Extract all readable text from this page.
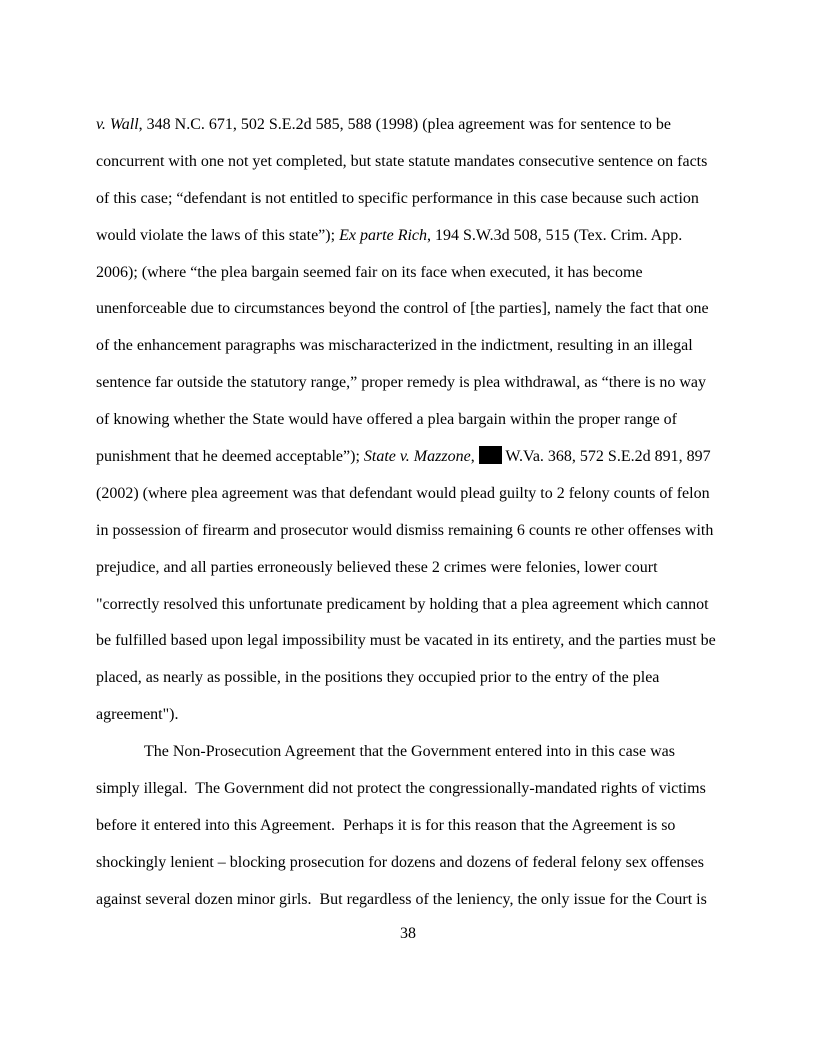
v. Wall, 348 N.C. 671, 502 S.E.2d 585, 588 (1998) (plea agreement was for sentence to be
concurrent with one not yet completed, but state statute mandates consecutive sentence on facts
of this case; “defendant is not entitled to specific performance in this case because such action
would violate the laws of this state”); Ex parte Rich, 194 S.W.3d 508, 515 (Tex. Crim. App.
2006); (where “the plea bargain seemed fair on its face when executed, it has become
unenforceable due to circumstances beyond the control of [the parties], namely the fact that one
of the enhancement paragraphs was mischaracterized in the indictment, resulting in an illegal
sentence far outside the statutory range,” proper remedy is plea withdrawal, as “there is no way
of knowing whether the State would have offered a plea bargain within the proper range of
punishment that he deemed acceptable”); State v. Mazzone,  W.Va. 368, 572 S.E.2d 891, 897
(2002) (where plea agreement was that defendant would plead guilty to 2 felony counts of felon
in possession of firearm and prosecutor would dismiss remaining 6 counts re other offenses with
prejudice, and all parties erroneously believed these 2 crimes were felonies, lower court
"correctly resolved this unfortunate predicament by holding that a plea agreement which cannot
be fulfilled based upon legal impossibility must be vacated in its entirety, and the parties must be
placed, as nearly as possible, in the positions they occupied prior to the entry of the plea
agreement").
The Non-Prosecution Agreement that the Government entered into in this case was
simply illegal.  The Government did not protect the congressionally-mandated rights of victims
before it entered into this Agreement.  Perhaps it is for this reason that the Agreement is so
shockingly lenient – blocking prosecution for dozens and dozens of federal felony sex offenses
against several dozen minor girls.  But regardless of the leniency, the only issue for the Court is
38
